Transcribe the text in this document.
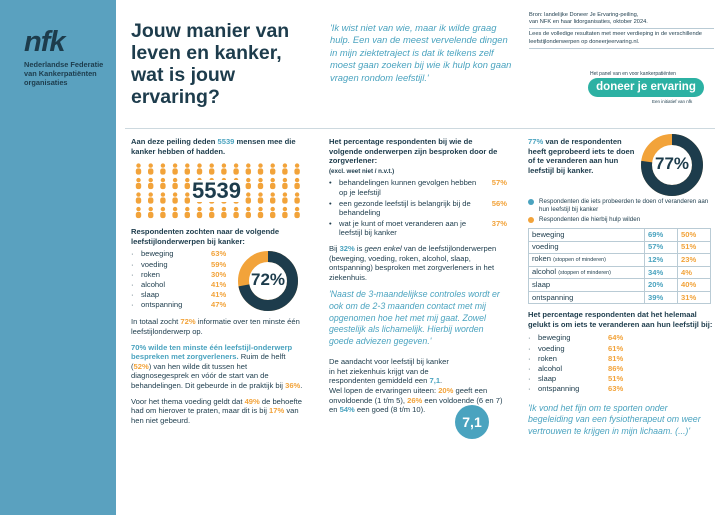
nfk
Nederlandse Federatie van Kankerpatiënten organisaties
Jouw manier van leven en kanker, wat is jouw ervaring?

'Ik wist niet van wie, maar ik wilde graag hulp. Een van de meest vervelende dingen in mijn ziektetraject is dat ik telkens zelf moest gaan zoeken bij wie ik hulp kon gaan vragen rondom leefstijl.'

Bron: landelijke Doneer Je Ervaring-peiling,
van NFK en haar lidorganisaties, oktober 2024.
Lees de volledige resultaten met meer verdieping in de verschillende leefstijlonderwerpen op doneerjeervaring.nl.
Het panel van en voor kankerpatiënten
doneer je ervaring
Een initiatief van nfk

Aan deze peiling deden 5539 mensen mee die kanker hebben of hadden.

5539

Respondenten zochten naar de volgende leefstijlonderwerpen bij kanker:

· beweging	63%
· voeding	59%
· roken	30%
· alcohol	41%
· slaap	41%
· ontspanning	47%
72%

In totaal zocht 72% informatie over ten minste één leefstijlonderwerp op.

70% wilde ten minste één leefstijl-onderwerp bespreken met zorgverleners. Ruim de helft (52%) van hen wilde dit tussen het diagnosegesprek en vóór de start van de behandelingen. Dit gebeurde in de praktijk bij 36%.

Voor het thema voeding geldt dat 49% de behoefte had om hierover te praten, maar dit is bij 17% van hen niet gebeurd.

Het percentage respondenten bij wie de volgende onderwerpen zijn besproken door de zorgverlener:

(excl. weet niet / n.v.t.)

• behandelingen kunnen gevolgen hebben op je leefstijl
57%
• een gezonde leefstijl is belangrijk bij de behandeling
56%
• wat je kunt of moet veranderen aan je leefstijl bij kanker
37%

Bij 32% is geen enkel van de leefstijlonderwerpen (beweging, voeding, roken, alcohol, slaap, ontspanning) besproken met zorgverleners in het ziekenhuis.

'Naast de 3-maandelijkse controles wordt er ook om de 2-3 maanden contact met mij opgenomen hoe het met mij gaat. Zowel geestelijk als lichamelijk. Hierbij worden goede adviezen gegeven.'

De aandacht voor leefstijl bij kanker in het ziekenhuis krijgt van de respondenten gemiddeld een 7,1.

Wel lopen de ervaringen uiteen: 20% geeft een onvoldoende (1 t/m 5), 26% een voldoende (6 en 7) en 54% een goed (8 t/m 10).

7,1

77% van de respondenten heeft geprobeerd iets te doen of te veranderen aan hun leefstijl bij kanker.	77%
Respondenten die iets probeerden te doen of veranderen aan hun leefstijl bij kanker
Respondenten die hierbij hulp wilden
beweging	69%	50%
voeding	57%	51%
roken (stoppen of minderen)	12%	23%
alcohol (stoppen of minderen)	34%	4%
slaap	20%	40%
ontspanning	39%	31%

Het percentage respondenten dat het helemaal gelukt is om iets te veranderen aan hun leefstijl bij:

· beweging	64%
· voeding	61%
· roken	81%
· alcohol	86%
· slaap	51%
· ontspanning	63%

'Ik vond het fijn om te sporten onder begeleiding van een fysiotherapeut om weer vertrouwen te krijgen in mijn lichaam. (...)'
